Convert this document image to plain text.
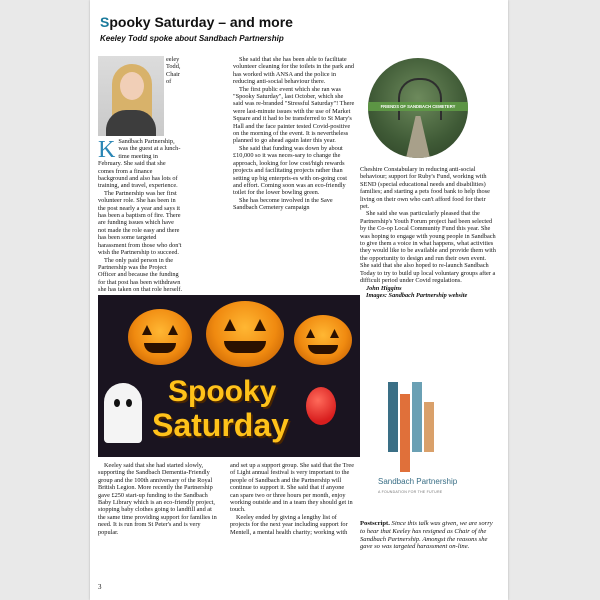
Spooky Saturday – and more
Keeley Todd spoke about Sandbach Partnership
K

eeley Todd, Chair of Sandbach Partnership, was the guest at a lunch-time meeting in February. She said that she comes from a finance background and also has lots of training, and travel, experience.

The Partnership was her first volunteer role. She has been in the post nearly a year and says it has been a baptism of fire. There are funding issues which have not made the role easy and there has been some targeted harassment from those who don't wish the Partnership to succeed.

The only paid person in the Partnership was the Project Officer and because the funding for that post has been withdrawn she has taken on that role herself.

She said that she has been able to facilitate volunteer cleaning for the toilets in the park and has worked with ANSA and the police in reducing anti-social behaviour there.

The first public event which she ran was "Spooky Saturday", last October, which she said was re-branded "Stressful Saturday"! There were last-minute issues with the use of Market Square and it had to be transferred to St Mary's Hall and the face painter tested Covid-positive on the morning of the event. It is nevertheless planned to go ahead again later this year.

She said that funding was down by about £10,000 so it was neces-sary to change the approach, looking for low cost/high rewards projects and facilitating projects rather than setting up big enterpris-es with on-going cost and effort. Coming soon was an eco-friendly toilet for the lower bowling green.

She has become involved in the Save Sandbach Cemetery campaign

FRIENDS OF SANDBACH CEMETERY

Cheshire Constabulary in reducing anti-social behaviour; support for Ruby's Fund, working with SEND (special educational needs and disabilities) families; and starting a pets food bank to help those living on their own who can't afford food for their pet.

She said she was particularly pleased that the Partnership's Youth Forum project had been selected by the Co-op Local Community Fund this year. She was hoping to engage with young people in Sandbach to give them a voice in what happens, what activities they would like to be available and provide them with the opportunity to design and run their own event. She said that she also hoped to re-launch Sandbach Today to try to build up local voluntary groups after a difficult period under Covid regulations.

John Higgins

Images: Sandbach Partnership website

Spooky
Saturday

Keeley said that she had started slowly, supporting the Sandbach Dementia-Friendly group and the 100th anniversary of the Royal British Legion. More recently the Partnership gave £250 start-up funding to the Sandbach Baby Library which is an eco-friendly project, stopping baby clothes going to landfill and at the same time providing support for families in need. It is run from St Peter's and is very popular.

and set up a support group. She said that the Tree of Light annual festival is very important to the people of Sandbach and the Partnership will continue to support it. She said that if anyone can spare two or three hours per month, enjoy working outside and in a team they should get in touch.

Keeley ended by giving a lengthy list of projects for the next year including support for Mentell, a mental health charity; working with

Sandbach Partnership
A FOUNDATION FOR THE FUTURE
Postscript. Since this talk was given, we are sorry to hear that Keeley has resigned as Chair of the Sandbach Partnership. Amongst the reasons she gave so was targeted harassment on-line.
3
